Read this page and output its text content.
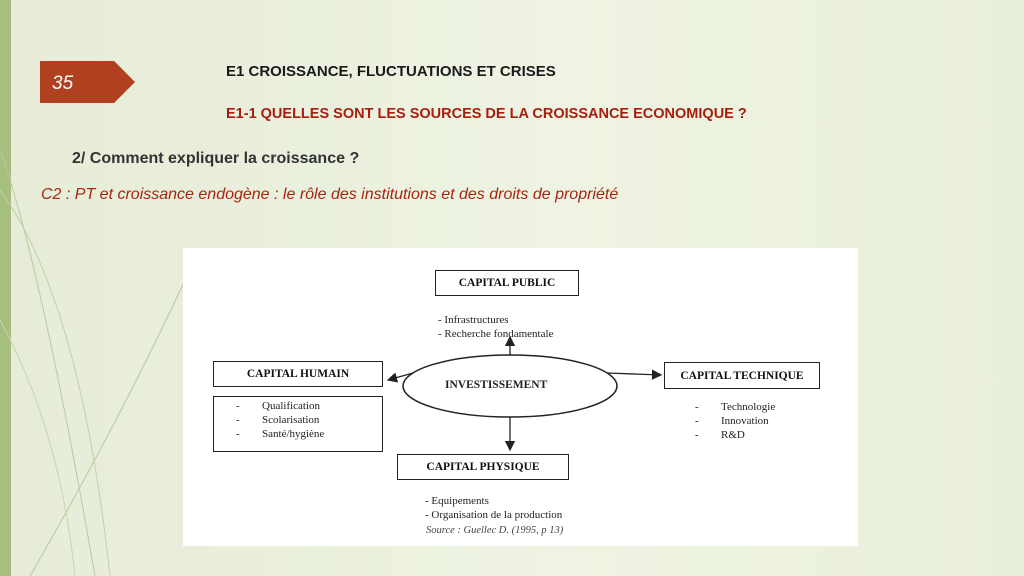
35
E1 CROISSANCE, FLUCTUATIONS ET CRISES
E1-1 QUELLES SONT LES SOURCES DE LA CROISSANCE ECONOMIQUE ?
2/ Comment expliquer la croissance ?
C2 : PT et croissance endogène : le rôle des institutions et des droits de propriété
INVESTISSEMENT
CAPITAL PUBLIC
- Infrastructures
- Recherche fondamentale
CAPITAL HUMAIN
-	Qualification
-	Scolarisation
-	Santé/hygiène
CAPITAL TECHNIQUE
-	Technologie
-	Innovation
-	R&D
CAPITAL PHYSIQUE
- Equipements
- Organisation de la production
Source : Guellec D. (1995, p 13)
